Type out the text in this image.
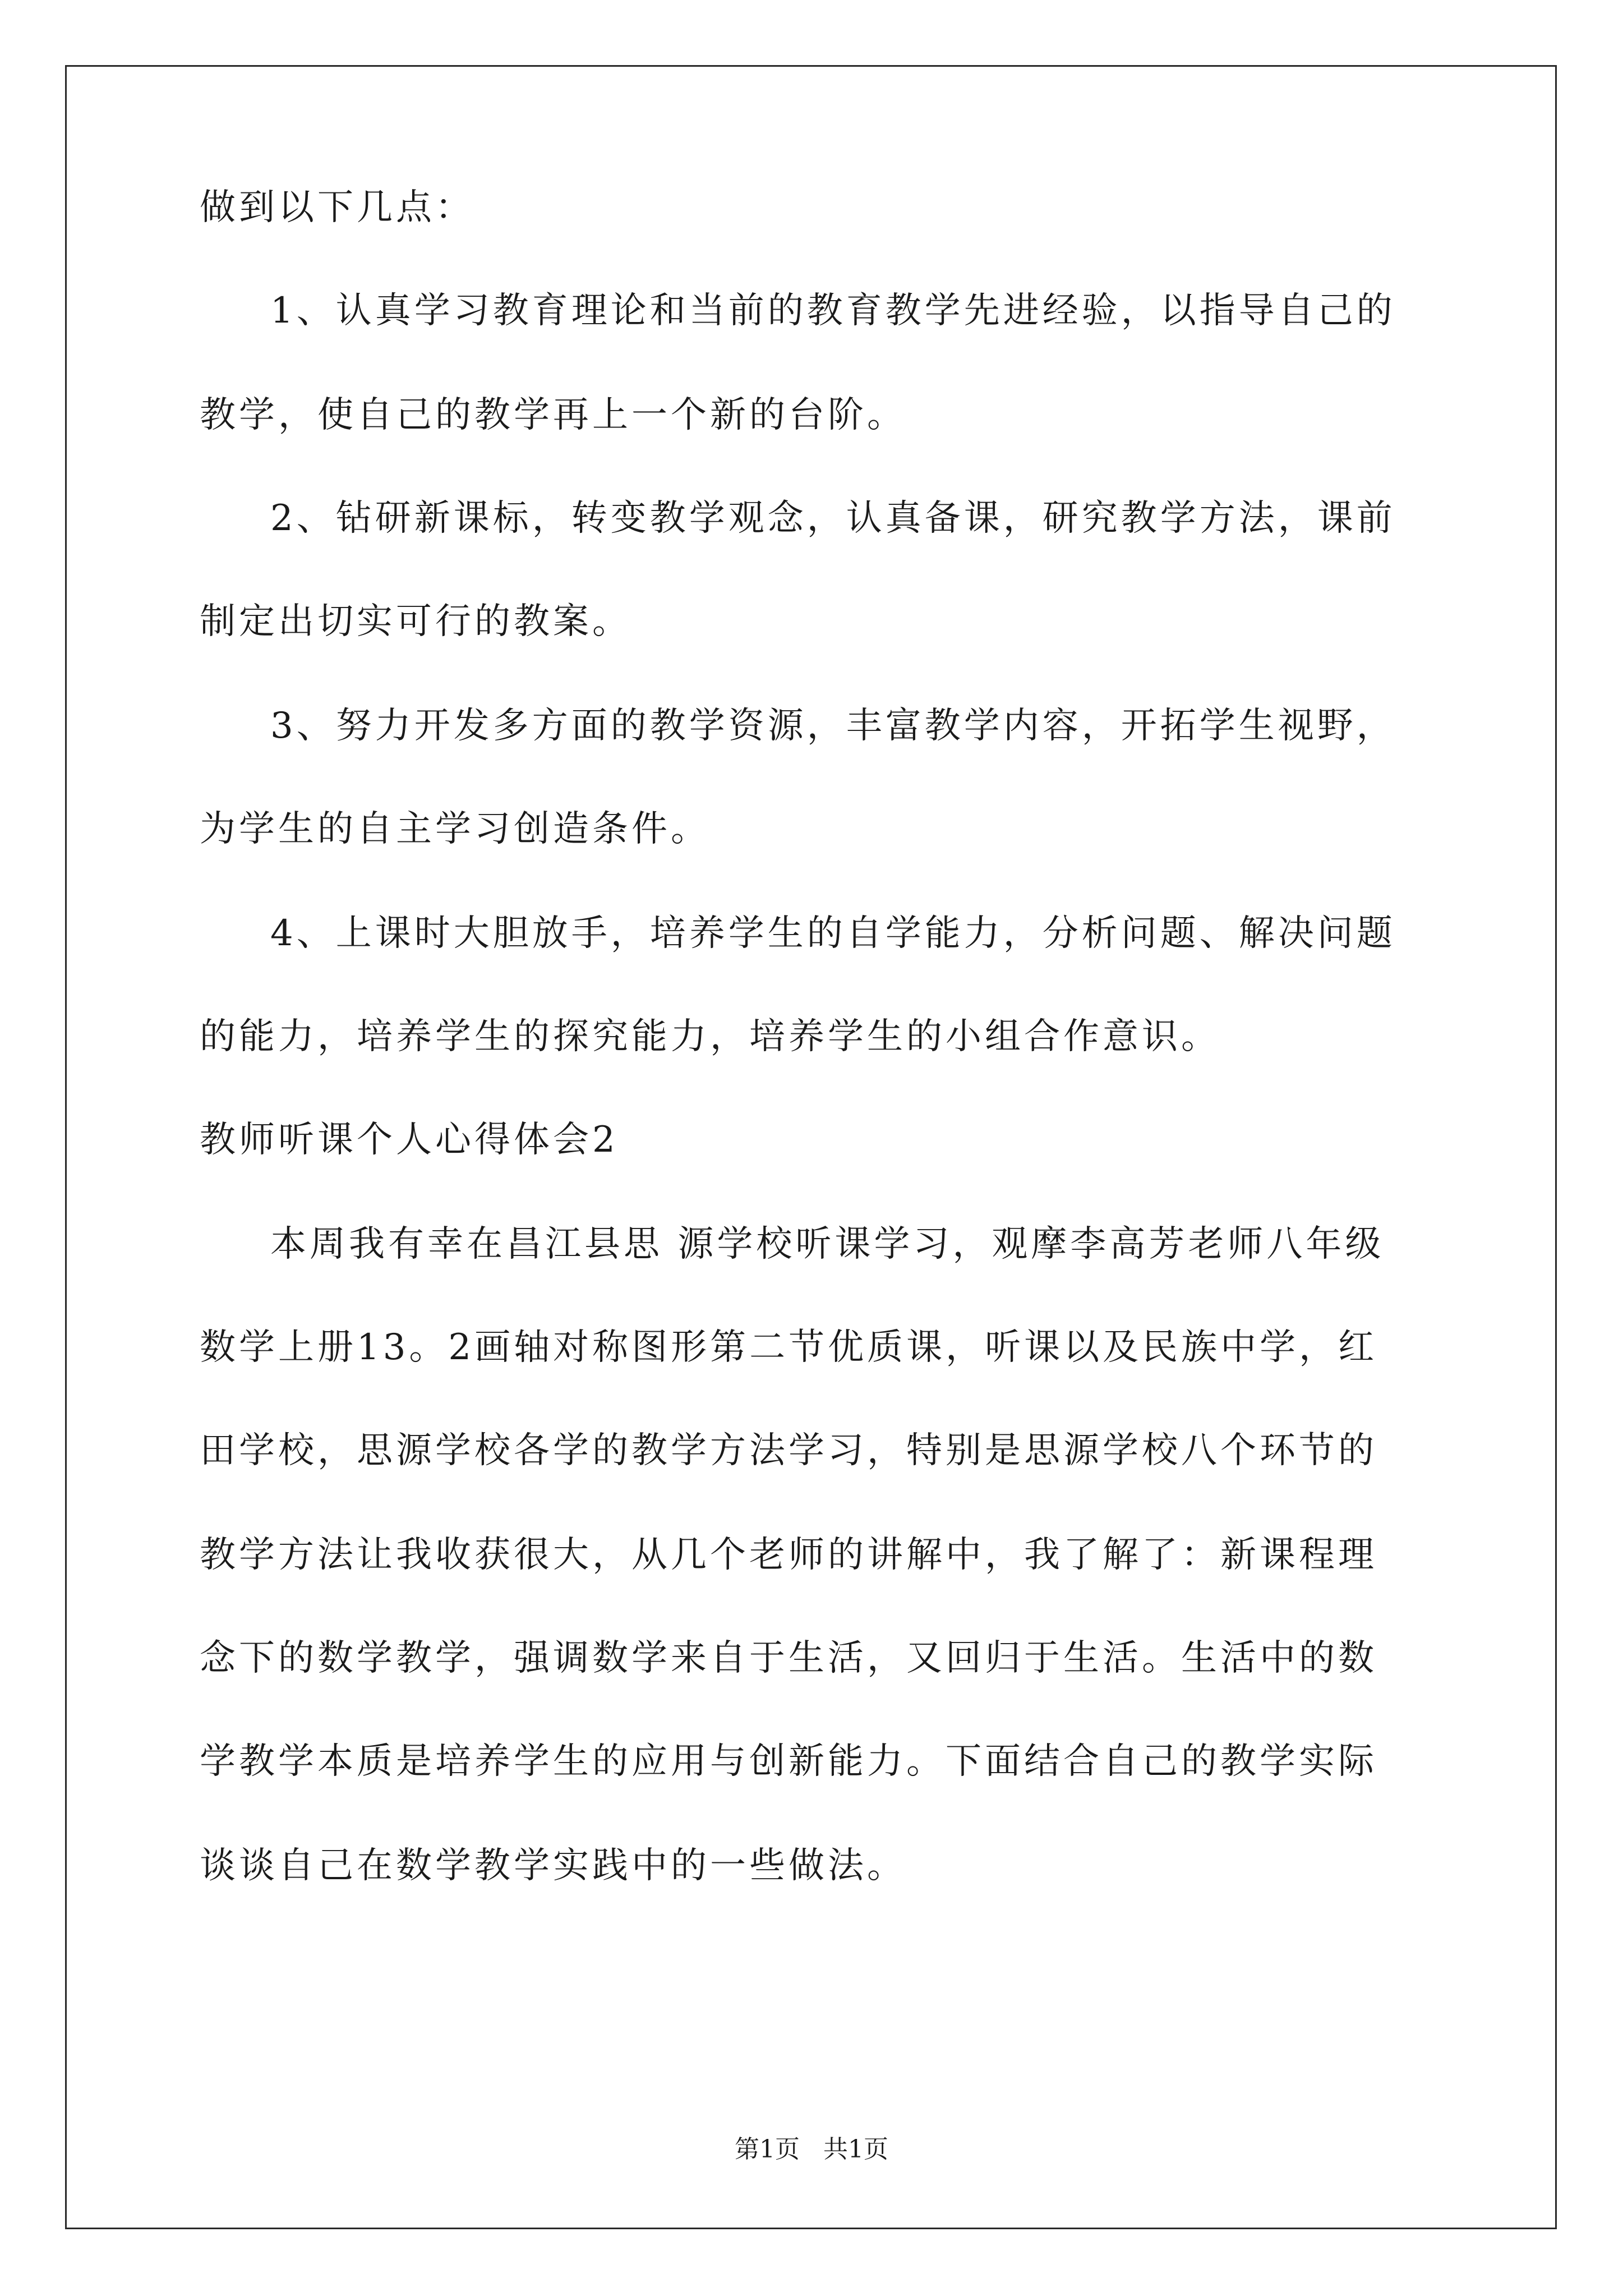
做到以下几点：

1、认真学习教育理论和当前的教育教学先进经验，以指导自己的

教学，使自己的教学再上一个新的台阶。

2、钻研新课标，转变教学观念，认真备课，研究教学方法，课前

制定出切实可行的教案。

3、努力开发多方面的教学资源，丰富教学内容，开拓学生视野，

为学生的自主学习创造条件。

4、上课时大胆放手，培养学生的自学能力，分析问题、解决问题

的能力，培养学生的探究能力，培养学生的小组合作意识。

教师听课个人心得体会2

本周我有幸在昌江县思 源学校听课学习，观摩李高芳老师八年级

数学上册13。2画轴对称图形第二节优质课，听课以及民族中学，红

田学校，思源学校各学的教学方法学习，特别是思源学校八个环节的

教学方法让我收获很大，从几个老师的讲解中，我了解了：新课程理

念下的数学教学，强调数学来自于生活，又回归于生活。生活中的数

学教学本质是培养学生的应用与创新能力。下面结合自己的教学实际

谈谈自己在数学教学实践中的一些做法。

第1页   共1页
